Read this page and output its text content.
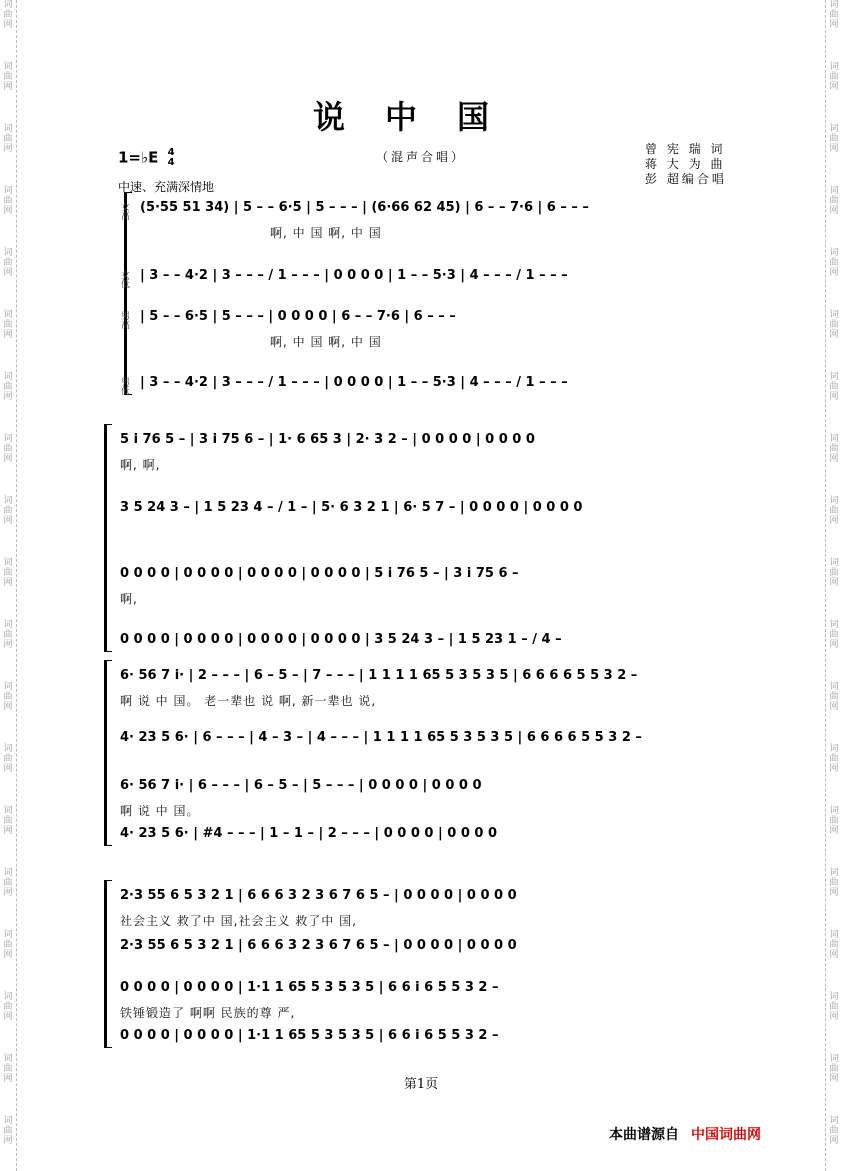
词
曲
网
词
曲
网
词
曲
网
词
曲
网
词
曲
网
词
曲
网
词
曲
网
词
曲
网
词
曲
网
词
曲
网
词
曲
网
词
曲
网
词
曲
网
词
曲
网
词
曲
网
词
曲
网
词
曲
网
词
曲
网
词
曲
网
词
曲
网
词
曲
网
词
曲
网
词
曲
网
词
曲
网
词
曲
网
词
曲
网
词
曲
网
词
曲
网
词
曲
网
词
曲
网
词
曲
网
词
曲
网
词
曲
网
词
曲
网
词
曲
网
词
曲
网
词
曲
网
词
曲
网
说中国
1=♭E 4
4	（混声合唱）
曾 宪 瑞 词
蒋 大 为 曲
彭 超编合唱
中速、充满深情地
女高 (5·55 51 34) | 5 – – 6·5 | 5 – – – | (6·66 62 45) | 6 – – 7·6 | 6 – – –
啊, 中 国 啊, 中 国
女低 | 3 – – 4·2 | 3 – – – / 1 – – – | 0 0 0 0 | 1 – – 5·3 | 4 – – – / 1 – – –
男高 | 5 – – 6·5 | 5 – – – | 0 0 0 0 | 6 – – 7·6 | 6 – – –
啊, 中 国 啊, 中 国
男低 | 3 – – 4·2 | 3 – – – / 1 – – – | 0 0 0 0 | 1 – – 5·3 | 4 – – – / 1 – – –
5 i 76 5 – | 3 i 75 6 – | 1· 6 65 3 | 2· 3 2 – | 0 0 0 0 | 0 0 0 0
啊, 啊,
3 5 24 3 – | 1 5 23 4 – / 1 – | 5· 6 3 2 1 | 6· 5 7 – | 0 0 0 0 | 0 0 0 0
0 0 0 0 | 0 0 0 0 | 0 0 0 0 | 0 0 0 0 | 5 i 76 5 – | 3 i 75 6 –
啊,
0 0 0 0 | 0 0 0 0 | 0 0 0 0 | 0 0 0 0 | 3 5 24 3 – | 1 5 23 1 – / 4 –
6· 56 7 i· | 2 – – – | 6 – 5 – | 7 – – – | 1 1 1 1 65 5 3 5 3 5 | 6 6 6 6 5 5 3 2 –
啊 说 中 国。 老一辈也 说 啊, 新一辈也 说,
4· 23 5 6· | 6 – – – | 4 – 3 – | 4 – – – | 1 1 1 1 65 5 3 5 3 5 | 6 6 6 6 5 5 3 2 –
6· 56 7 i· | 6 – – – | 6 – 5 – | 5 – – – | 0 0 0 0 | 0 0 0 0
啊 说 中 国。
4· 23 5 6· | #4 – – – | 1 – 1 – | 2 – – – | 0 0 0 0 | 0 0 0 0
2·3 55 6 5 3 2 1 | 6 6 6 3 2 3 6 7 6 5 – | 0 0 0 0 | 0 0 0 0
社会主义 救了中 国,社会主义 救了中 国,
2·3 55 6 5 3 2 1 | 6 6 6 3 2 3 6 7 6 5 – | 0 0 0 0 | 0 0 0 0
0 0 0 0 | 0 0 0 0 | 1·1 1 65 5 3 5 3 5 | 6 6 i 6 5 5 3 2 –
铁锤锻造了 啊啊 民族的尊 严,
0 0 0 0 | 0 0 0 0 | 1·1 1 65 5 3 5 3 5 | 6 6 i 6 5 5 3 2 –
第1页
本曲谱源自 中国词曲网
